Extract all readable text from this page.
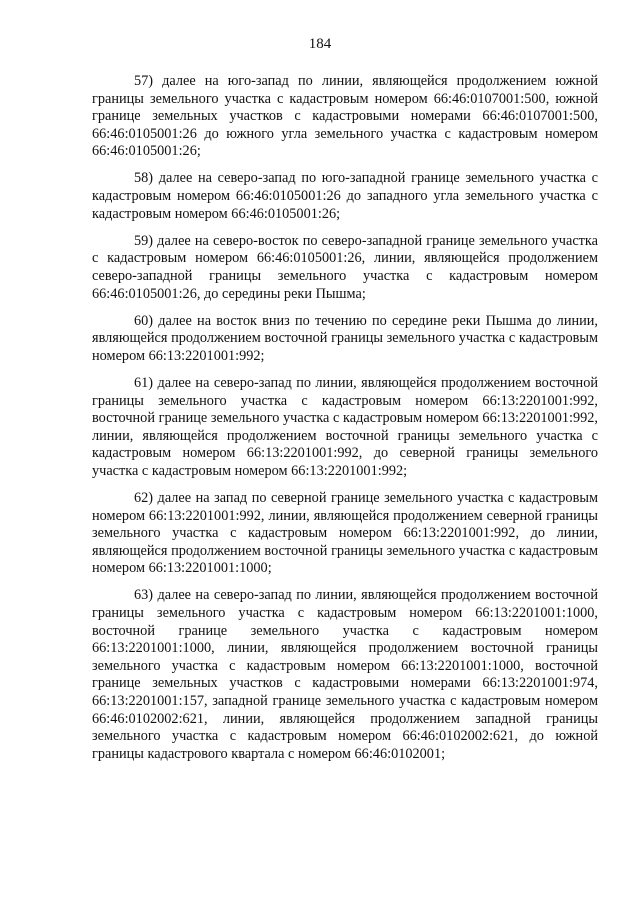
184

57) далее на юго-запад по линии, являющейся продолжением южной границы земельного участка с кадастровым номером 66:46:0107001:500, южной границе земельных участков с кадастровыми номерами 66:46:0107001:500, 66:46:0105001:26 до южного угла земельного участка с кадастровым номером 66:46:0105001:26;

58) далее на северо-запад по юго-западной границе земельного участка с кадастровым номером 66:46:0105001:26 до западного угла земельного участка с кадастровым номером 66:46:0105001:26;

59) далее на северо-восток по северо-западной границе земельного участка с кадастровым номером 66:46:0105001:26, линии, являющейся продолжением северо-западной границы земельного участка с кадастровым номером 66:46:0105001:26, до середины реки Пышма;

60) далее на восток вниз по течению по середине реки Пышма до линии, являющейся продолжением восточной границы земельного участка с кадастровым номером 66:13:2201001:992;

61) далее на северо-запад по линии, являющейся продолжением восточной границы земельного участка с кадастровым номером 66:13:2201001:992, восточной границе земельного участка с кадастровым номером 66:13:2201001:992, линии, являющейся продолжением восточной границы земельного участка с кадастровым номером 66:13:2201001:992, до северной границы земельного участка с кадастровым номером 66:13:2201001:992;

62) далее на запад по северной границе земельного участка с кадастровым номером 66:13:2201001:992, линии, являющейся продолжением северной границы земельного участка с кадастровым номером 66:13:2201001:992, до линии, являющейся продолжением восточной границы земельного участка с кадастровым номером 66:13:2201001:1000;

63) далее на северо-запад по линии, являющейся продолжением восточной границы земельного участка с кадастровым номером 66:13:2201001:1000, восточной границе земельного участка с кадастровым номером 66:13:2201001:1000, линии, являющейся продолжением восточной границы земельного участка с кадастровым номером 66:13:2201001:1000, восточной границе земельных участков с кадастровыми номерами 66:13:2201001:974, 66:13:2201001:157, западной границе земельного участка с кадастровым номером 66:46:0102002:621, линии, являющейся продолжением западной границы земельного участка с кадастровым номером 66:46:0102002:621, до южной границы кадастрового квартала с номером 66:46:0102001;
